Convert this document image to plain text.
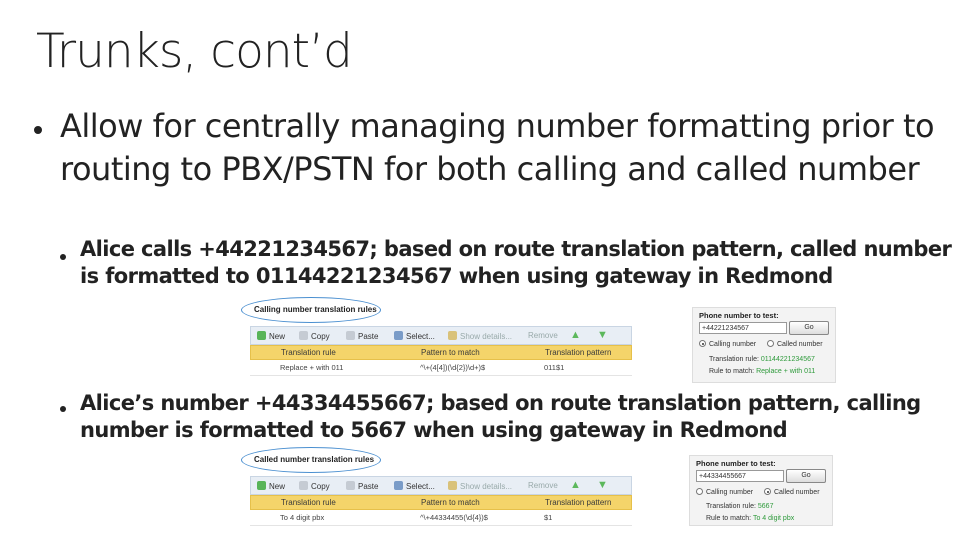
Trunks, cont’d
Allow for centrally managing number formatting prior to routing to PBX/PSTN for both calling and called number
Alice calls +44221234567; based on route translation pattern, called number is formatted to 01144221234567 when using gateway in Redmond
Calling number translation rules
New	Copy	Paste	Select...	Show details... Remove ▲ ▼
Translation rule	Pattern to match	Translation pattern
Replace + with 011	^\+(4[4])(\d{2})\d+)$	011$1
Phone number to test:
+44221234567	Go
Calling number	Called number
Translation rule: 01144221234567
Rule to match: Replace + with 011
Alice’s number +44334455667; based on route translation pattern, calling number is formatted to 5667 when using gateway in Redmond
Called number translation rules
New	Copy	Paste	Select...	Show details... Remove ▲ ▼
Translation rule	Pattern to match	Translation pattern
To 4 digit pbx	^\+44334455(\d{4})$	$1
Phone number to test:
+44334455667	Go
Calling number	Called number
Translation rule: 5667
Rule to match: To 4 digit pbx
